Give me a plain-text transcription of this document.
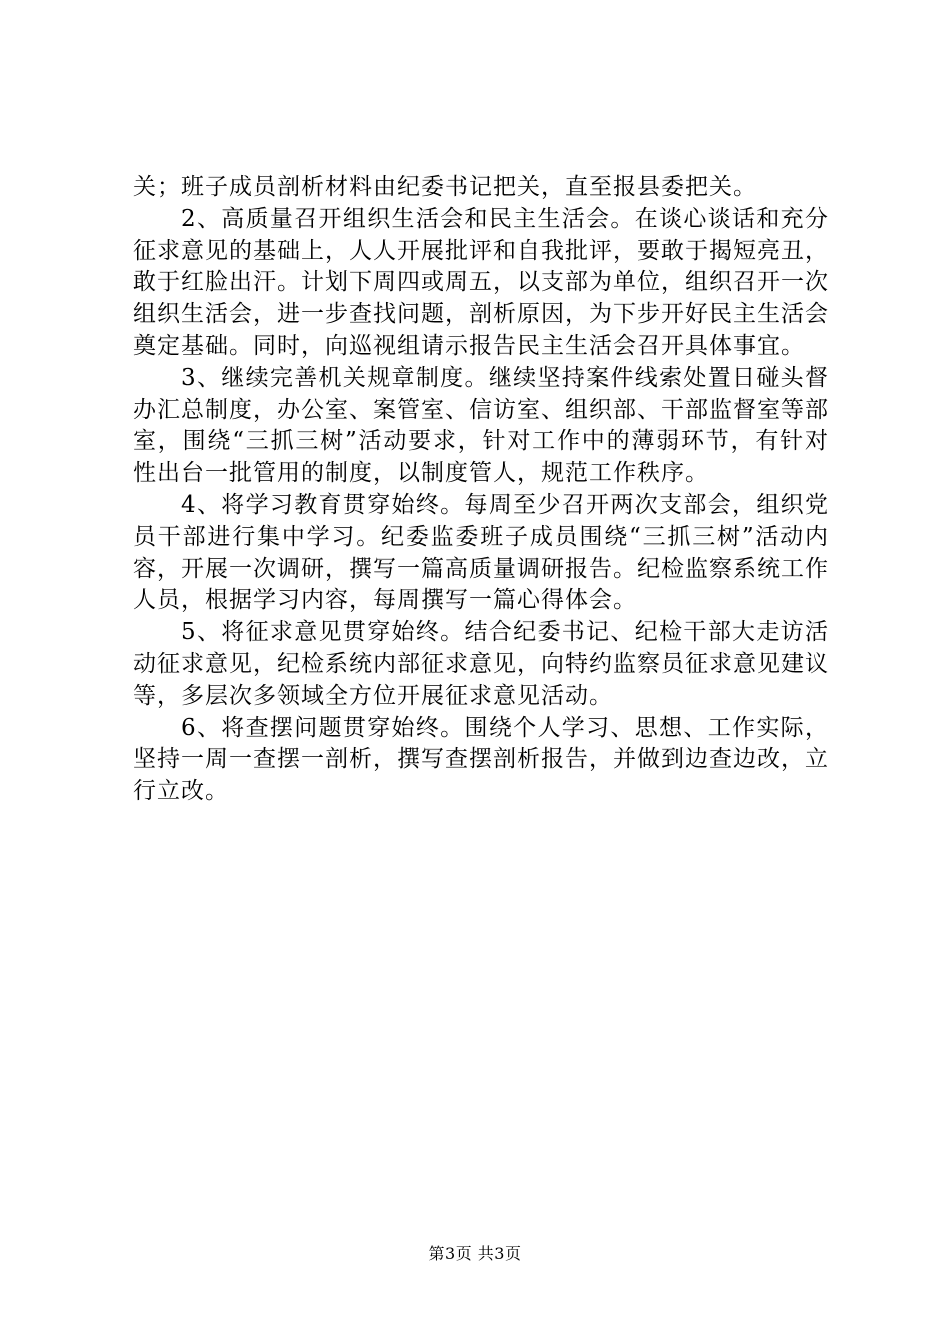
关；班子成员剖析材料由纪委书记把关，直至报县委把关。

2、高质量召开组织生活会和民主生活会。在谈心谈话和充分征求意见的基础上，人人开展批评和自我批评，要敢于揭短亮丑，敢于红脸出汗。计划下周四或周五，以支部为单位，组织召开一次组织生活会，进一步查找问题，剖析原因，为下步开好民主生活会奠定基础。同时，向巡视组请示报告民主生活会召开具体事宜。

3、继续完善机关规章制度。继续坚持案件线索处置日碰头督办汇总制度，办公室、案管室、信访室、组织部、干部监督室等部室，围绕“三抓三树”活动要求，针对工作中的薄弱环节，有针对性出台一批管用的制度，以制度管人，规范工作秩序。

4、将学习教育贯穿始终。每周至少召开两次支部会，组织党员干部进行集中学习。纪委监委班子成员围绕“三抓三树”活动内容，开展一次调研，撰写一篇高质量调研报告。纪检监察系统工作人员，根据学习内容，每周撰写一篇心得体会。

5、将征求意见贯穿始终。结合纪委书记、纪检干部大走访活动征求意见，纪检系统内部征求意见，向特约监察员征求意见建议等，多层次多领域全方位开展征求意见活动。

6、将查摆问题贯穿始终。围绕个人学习、思想、工作实际，坚持一周一查摆一剖析，撰写查摆剖析报告，并做到边查边改，立行立改。

第3页 共3页
